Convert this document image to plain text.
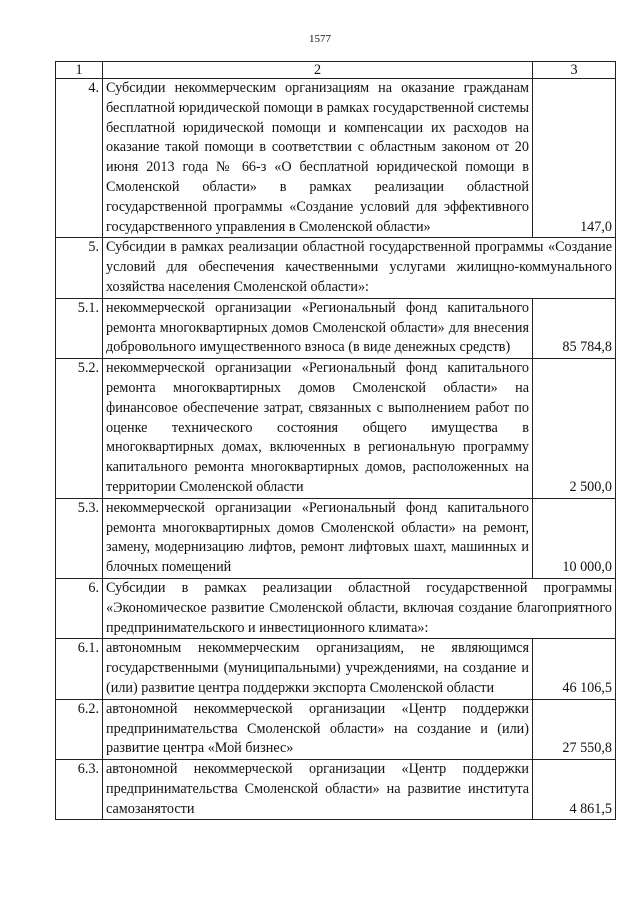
1577
1	2	3
4.	Субсидии некоммерческим организациям на оказание гражданам бесплатной юридической помощи в рамках государственной системы бесплатной юридической помощи и компенсации их расходов на оказание такой помощи в соответствии с областным законом от 20 июня 2013 года № 66-з «О бесплатной юридической помощи в Смоленской области» в рамках реализации областной государственной программы «Создание условий для эффективного государственного управления в Смоленской области»	147,0
5.	Субсидии в рамках реализации областной государственной программы «Создание условий для обеспечения качественными услугами жилищно-коммунального хозяйства населения Смоленской области»:	
5.1.	некоммерческой организации «Региональный фонд капитального ремонта многоквартирных домов Смоленской области» для внесения добровольного имущественного взноса (в виде денежных средств)	85 784,8
5.2.	некоммерческой организации «Региональный фонд капитального ремонта многоквартирных домов Смоленской области» на финансовое обеспечение затрат, связанных с выполнением работ по оценке технического состояния общего имущества в многоквартирных домах, включенных в региональную программу капитального ремонта многоквартирных домов, расположенных на территории Смоленской области	2 500,0
5.3.	некоммерческой организации «Региональный фонд капитального ремонта многоквартирных домов Смоленской области» на ремонт, замену, модернизацию лифтов, ремонт лифтовых шахт, машинных и блочных помещений	10 000,0
6.	Субсидии в рамках реализации областной государственной программы «Экономическое развитие Смоленской области, включая создание благоприятного предпринимательского и инвестиционного климата»:	
6.1.	автономным некоммерческим организациям, не являющимся государственными (муниципальными) учреждениями, на создание и (или) развитие центра поддержки экспорта Смоленской области	46 106,5
6.2.	автономной некоммерческой организации «Центр поддержки предпринимательства Смоленской области» на создание и (или) развитие центра «Мой бизнес»	27 550,8
6.3.	автономной некоммерческой организации «Центр поддержки предпринимательства Смоленской области» на развитие института самозанятости	4 861,5
